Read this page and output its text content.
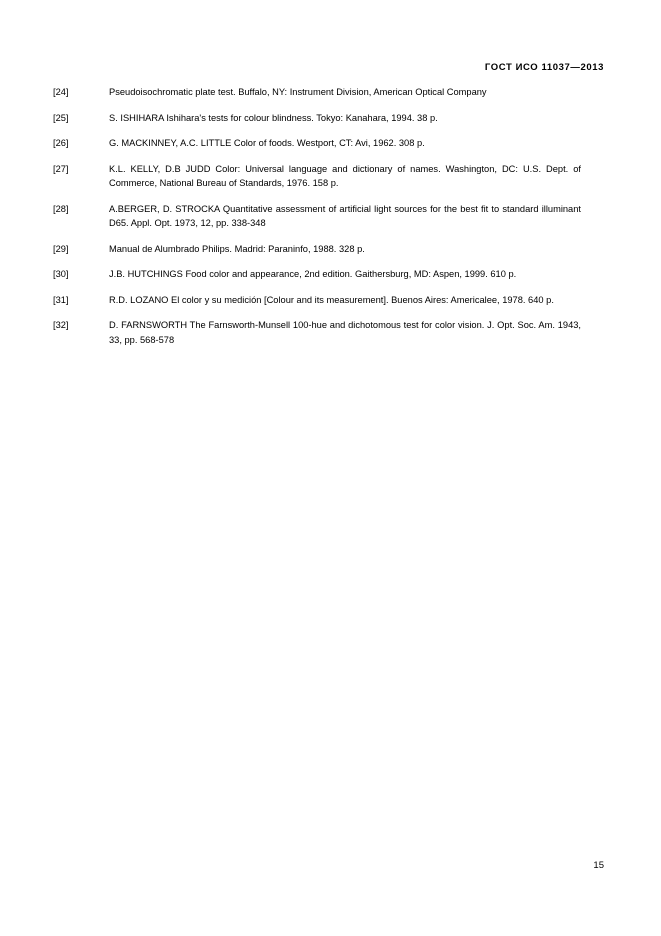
ГОСТ ИСО 11037—2013
[24]	Pseudoisochromatic plate test. Buffalo, NY: Instrument Division, American Optical Company
[25]	S. ISHIHARA Ishihara's tests for colour blindness. Tokyo: Kanahara, 1994. 38 p.
[26]	G. MACKINNEY, A.C. LITTLE Color of foods. Westport, CT: Avi, 1962. 308 p.
[27]	K.L. KELLY, D.B JUDD Color: Universal language and dictionary of names. Washington, DC: U.S. Dept. of Commerce, National Bureau of Standards, 1976. 158 p.
[28]	A.BERGER, D. STROCKA Quantitative assessment of artificial light sources for the best fit to standard illuminant D65. Appl. Opt. 1973, 12, pp. 338-348
[29]	Manual de Alumbrado Philips. Madrid: Paraninfo, 1988. 328 p.
[30]	J.B. HUTCHINGS Food color and appearance, 2nd edition. Gaithersburg, MD: Aspen, 1999. 610 p.
[31]	R.D. LOZANO El color y su medición [Colour and its measurement]. Buenos Aires: Americalee, 1978. 640 p.
[32]	D. FARNSWORTH The Farnsworth-Munsell 100-hue and dichotomous test for color vision. J. Opt. Soc. Am. 1943, 33, pp. 568-578
15
